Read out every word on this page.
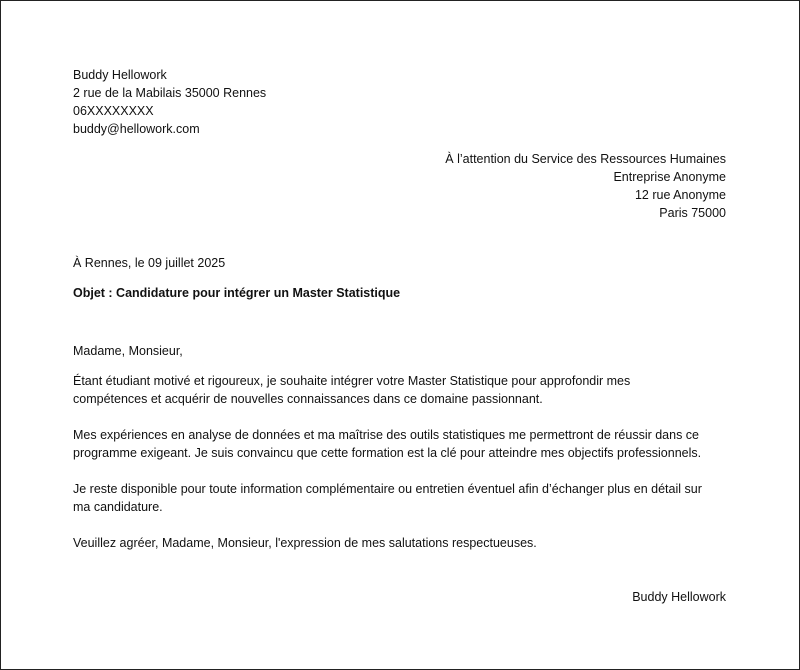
Buddy Hellowork
2 rue de la Mabilais 35000 Rennes
06XXXXXXXX
buddy@hellowork.com
À l’attention du Service des Ressources Humaines
Entreprise Anonyme
12 rue Anonyme
Paris 75000
À Rennes, le 09 juillet 2025
Objet : Candidature pour intégrer un Master Statistique
Madame, Monsieur,
Étant étudiant motivé et rigoureux, je souhaite intégrer votre Master Statistique pour approfondir mes
compétences et acquérir de nouvelles connaissances dans ce domaine passionnant.
Mes expériences en analyse de données et ma maîtrise des outils statistiques me permettront de réussir dans ce
programme exigeant. Je suis convaincu que cette formation est la clé pour atteindre mes objectifs professionnels.
Je reste disponible pour toute information complémentaire ou entretien éventuel afin d’échanger plus en détail sur
ma candidature.
Veuillez agréer, Madame, Monsieur, l'expression de mes salutations respectueuses.
Buddy Hellowork
